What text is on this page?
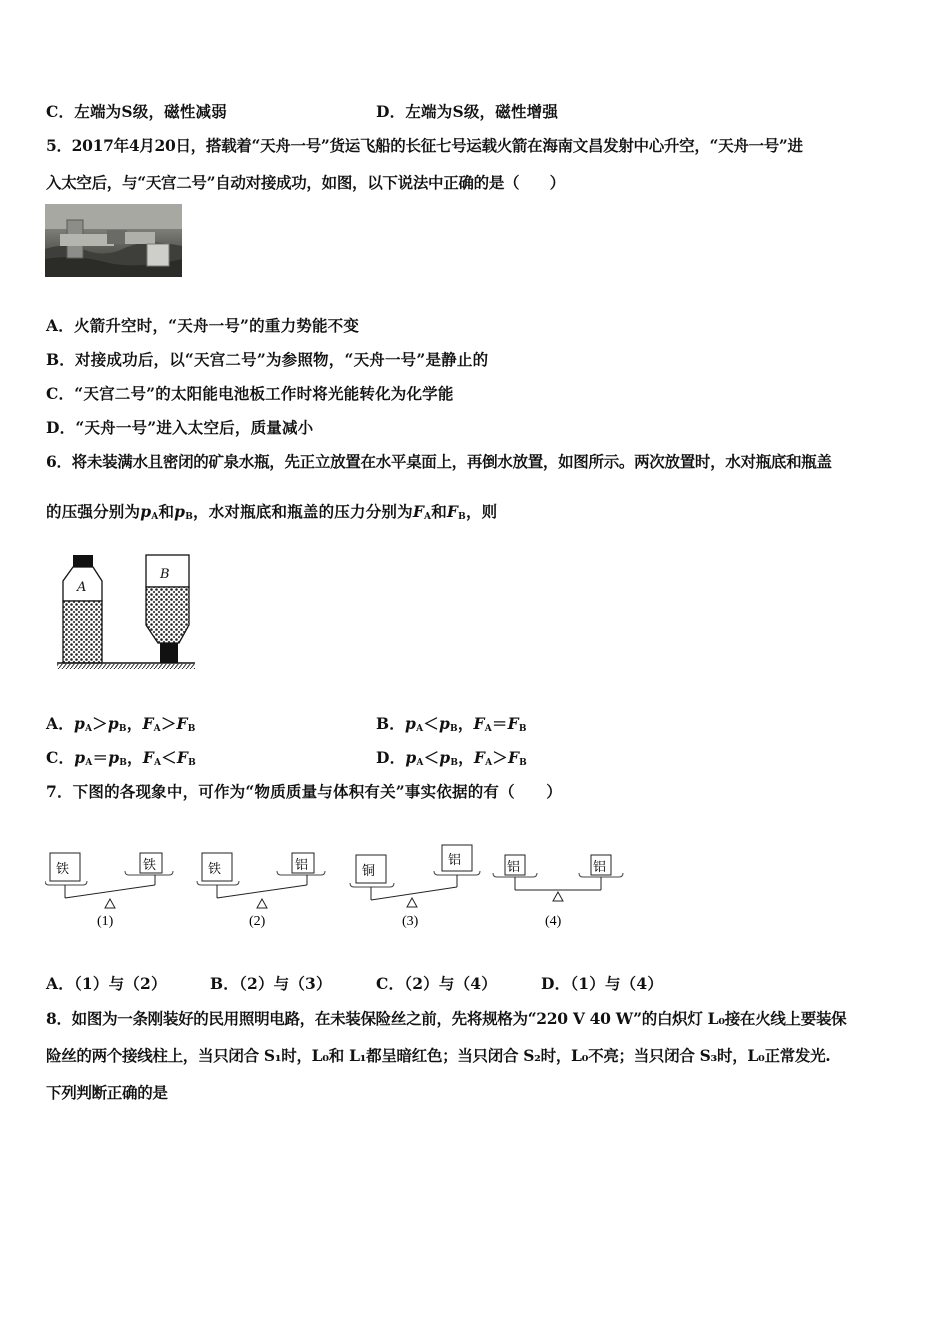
C．左端为S级，磁性减弱	D．左端为S级，磁性增强
5．2017年4月20日，搭载着“天舟一号”货运飞船的长征七号运载火箭在海南文昌发射中心升空，“天舟一号”进
入太空后，与“天宫二号”自动对接成功，如图，以下说法中正确的是（　　）
A．火箭升空时，“天舟一号”的重力势能不变
B．对接成功后，以“天宫二号”为参照物，“天舟一号”是静止的
C．“天宫二号”的太阳能电池板工作时将光能转化为化学能
D．“天舟一号”进入太空后，质量减小
6．将未装满水且密闭的矿泉水瓶，先正立放置在水平桌面上，再倒水放置，如图所示。两次放置时，水对瓶底和瓶盖
的压强分别为$p_A$和$p_B$，水对瓶底和瓶盖的压力分别为$F_A$和$F_B$，则
A
B
A．$p_A>p_B$，$F_A>F_B$	B．$p_A<p_B$，$F_A=F_B$
C．$p_A=p_B$，$F_A<F_B$	D．$p_A<p_B$，$F_A>F_B$
7．下图的各现象中，可作为“物质质量与体积有关”事实依据的有（　　）
铁	铁
(1)
铁	铝
(2)
铜
铝
(3)
铝	铝
(4)
A．（1）与（2）	B．（2）与（3）	C．（2）与（4）	D．（1）与（4）
8．如图为一条刚装好的民用照明电路，在未装保险丝之前，先将规格为“220 V 40 W”的白炽灯 L₀接在火线上要装保
险丝的两个接线柱上，当只闭合 S₁时，L₀和 L₁都呈暗红色；当只闭合 S₂时，L₀不亮；当只闭合 S₃时，L₀正常发光.
下列判断正确的是
